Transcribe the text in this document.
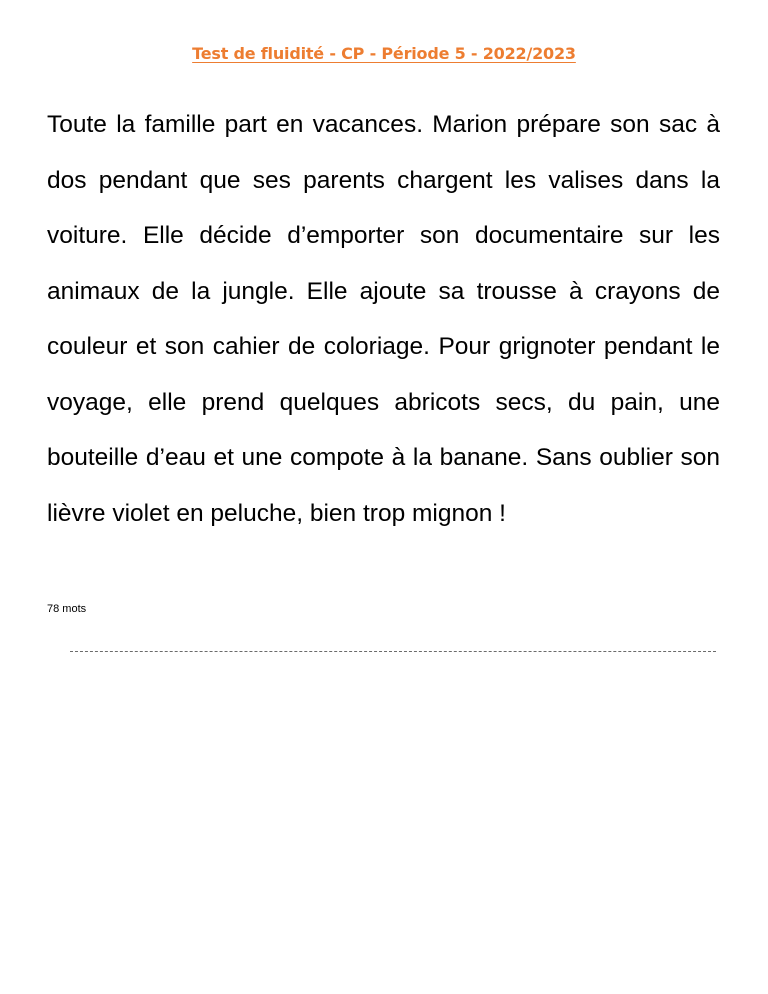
Test de fluidité - CP - Période 5 - 2022/2023

Toute la famille part en vacances. Marion prépare son sac à dos pendant que ses parents chargent les valises dans la voiture. Elle décide d’emporter son documentaire sur les animaux de la jungle. Elle ajoute sa trousse à crayons de couleur et son cahier de coloriage. Pour grignoter pendant le voyage, elle prend quelques abricots secs, du pain, une bouteille d’eau et une compote à la banane. Sans oublier son lièvre violet en peluche, bien trop mignon !

78 mots
